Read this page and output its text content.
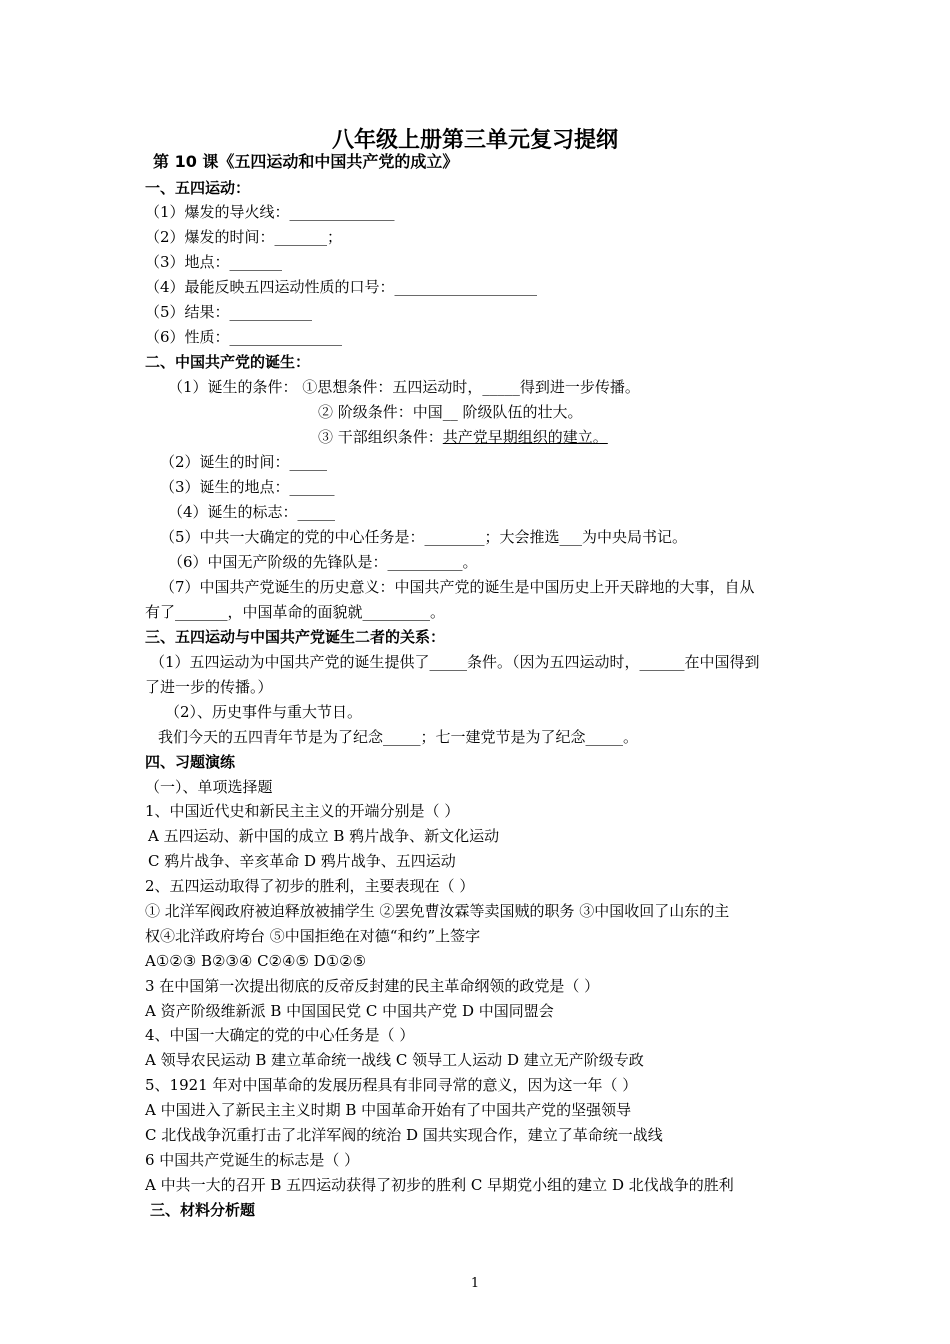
八年级上册第三单元复习提纲
第 10 课《五四运动和中国共产党的成立》
一、五四运动：
（1）爆发的导火线：______________
（2）爆发的时间：_______；
（3）地点：_______
（4）最能反映五四运动性质的口号：___________________
（5）结果：___________
（6）性质：_______________
二、中国共产党的诞生：
（1）诞生的条件： ①思想条件：五四运动时，_____得到进一步传播。
② 阶级条件：中国__ 阶级队伍的壮大。
③ 干部组织条件：共产党早期组织的建立。
（2）诞生的时间：_____
（3）诞生的地点：______
（4）诞生的标志：_____
（5）中共一大确定的党的中心任务是：________；大会推选___为中央局书记。
（6）中国无产阶级的先锋队是：__________。
（7）中国共产党诞生的历史意义：中国共产党的诞生是中国历史上开天辟地的大事，自从
有了_______，中国革命的面貌就_________。
三、五四运动与中国共产党诞生二者的关系：
（1）五四运动为中国共产党的诞生提供了_____条件。（因为五四运动时，______在中国得到
了进一步的传播。）
（2）、历史事件与重大节日。
我们今天的五四青年节是为了纪念_____；七一建党节是为了纪念_____。
四、习题演练
（一）、单项选择题
1、中国近代史和新民主主义的开端分别是（ ）
A 五四运动、新中国的成立 B 鸦片战争、新文化运动
C 鸦片战争、辛亥革命 D 鸦片战争、五四运动
2、五四运动取得了初步的胜利，主要表现在（ ）
① 北洋军阀政府被迫释放被捕学生 ②罢免曹汝霖等卖国贼的职务 ③中国收回了山东的主
权④北洋政府垮台 ⑤中国拒绝在对德“和约”上签字
A①②③ B②③④ C②④⑤ D①②⑤
3 在中国第一次提出彻底的反帝反封建的民主革命纲领的政党是（ ）
A 资产阶级维新派 B 中国国民党 C 中国共产党 D 中国同盟会
4、中国一大确定的党的中心任务是（ ）
A 领导农民运动 B 建立革命统一战线 C 领导工人运动 D 建立无产阶级专政
5、1921 年对中国革命的发展历程具有非同寻常的意义，因为这一年（ ）
A 中国进入了新民主主义时期 B 中国革命开始有了中国共产党的坚强领导
C 北伐战争沉重打击了北洋军阀的统治 D 国共实现合作，建立了革命统一战线
6 中国共产党诞生的标志是（ ）
A 中共一大的召开 B 五四运动获得了初步的胜利 C 早期党小组的建立 D 北伐战争的胜利
三、材料分析题
1
